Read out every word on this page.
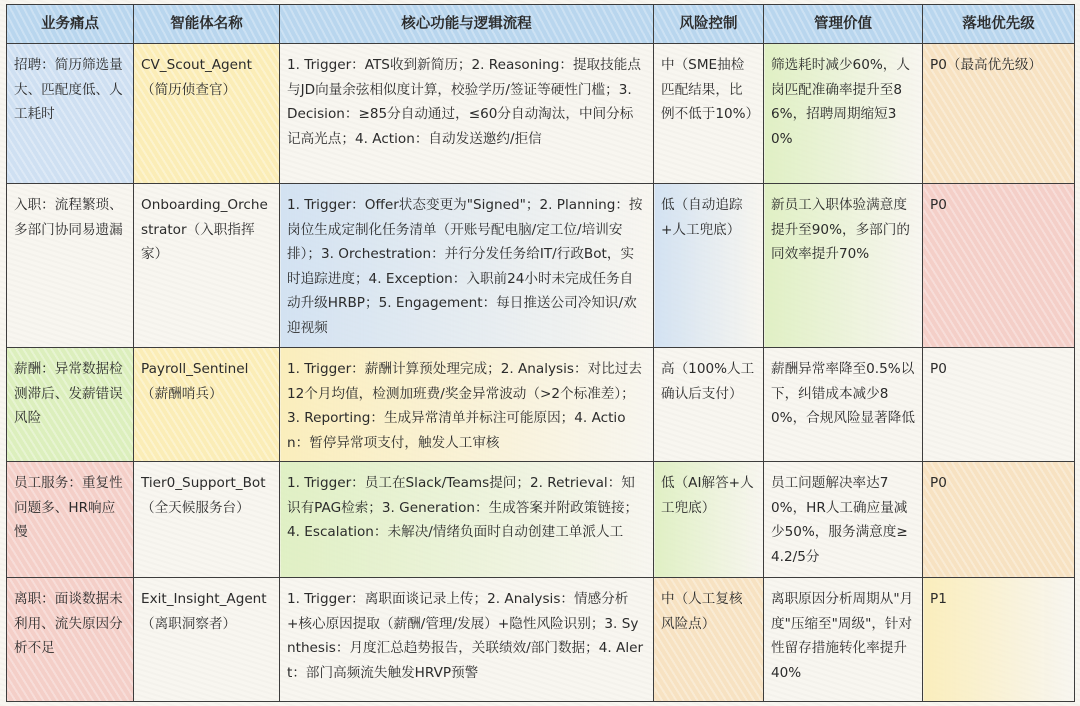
业务痛点	智能体名称	核心功能与逻辑流程	风险控制	管理价值	落地优先级
招聘：简历筛选量大、匹配度低、人工耗时	CV_Scout_Agent（简历侦查官）	1. Trigger：ATS收到新简历；2. Reasoning：提取技能点与JD向量余弦相似度计算，校验学历/签证等硬性门槛；3. Decision：≥85分自动通过，≤60分自动淘汰，中间分标记高光点；4. Action：自动发送邀约/拒信	中（SME抽检匹配结果，比例不低于10%）	筛选耗时减少60%，人岗匹配准确率提升至86%，招聘周期缩短30%	P0（最高优先级）
入职：流程繁琐、多部门协同易遗漏	Onboarding_Orchestrator（入职指挥家）	1. Trigger：Offer状态变更为"Signed"；2. Planning：按岗位生成定制化任务清单（开账号配电脑/定工位/培训安排）；3. Orchestration：并行分发任务给IT/行政Bot，实时追踪进度；4. Exception：入职前24小时未完成任务自动升级HRBP；5. Engagement：每日推送公司冷知识/欢迎视频	低（自动追踪+人工兜底）	新员工入职体验满意度提升至90%，多部门的同效率提升70%	P0
薪酬：异常数据检测滞后、发薪错误风险	Payroll_Sentinel（薪酬哨兵）	1. Trigger：薪酬计算预处理完成；2. Analysis：对比过去12个月均值，检测加班费/奖金异常波动（>2个标准差）；3. Reporting：生成异常清单并标注可能原因；4. Action：暂停异常项支付，触发人工审核	高（100%人工确认后支付）	薪酬异常率降至0.5%以下，纠错成本减少80%，合规风险显著降低	P0
员工服务：重复性问题多、HR响应慢	Tier0_Support_Bot（全天候服务台）	1. Trigger：员工在Slack/Teams提问；2. Retrieval：知识有PAG检索；3. Generation：生成答案并附政策链接；4. Escalation：未解决/情绪负面时自动创建工单派人工	低（AI解答+人工兜底）	员工问题解决率达70%，HR人工确应量减少50%，服务满意度≥4.2/5分	P0
离职：面谈数据未利用、流失原因分析不足	Exit_Insight_Agent（离职洞察者）	1. Trigger：离职面谈记录上传；2. Analysis：情感分析+核心原因提取（薪酬/管理/发展）+隐性风险识别；3. Synthesis：月度汇总趋势报告，关联绩效/部门数据；4. Alert：部门高频流失触发HRVP预警	中（人工复核风险点）	离职原因分析周期从"月度"压缩至"周级"，针对性留存措施转化率提升40%	P1
